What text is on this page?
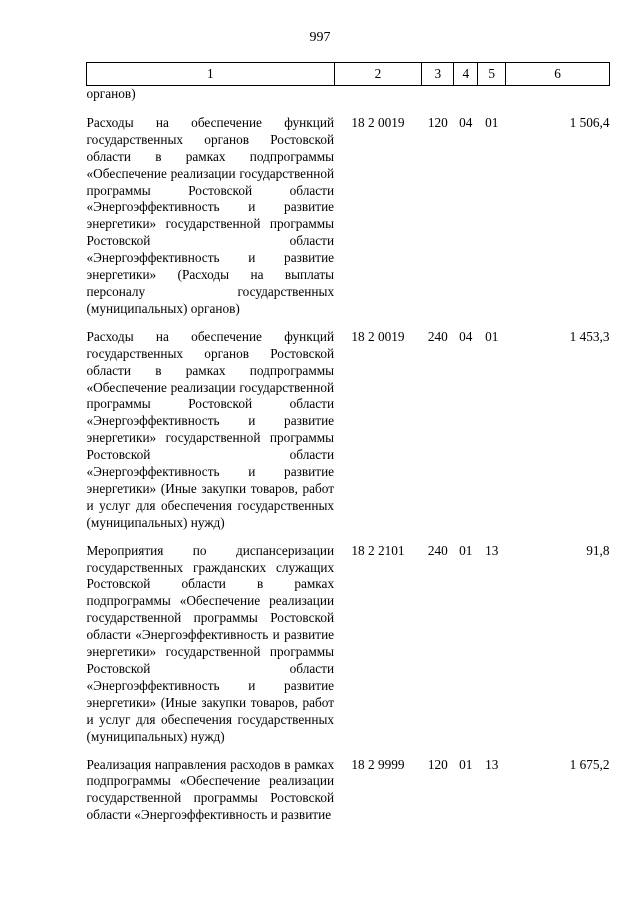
997
1	2	3	4	5	6
органов)					
Расходы на обеспечение функций государственных органов Ростовской области в рамках подпрограммы «Обеспечение реализации государственной программы Ростовской области «Энергоэффективность и развитие энергетики» государственной программы Ростовской области «Энергоэффективность и развитие энергетики» (Расходы на выплаты персоналу государственных (муниципальных) органов)	18 2 0019	120	04	01	1 506,4
Расходы на обеспечение функций государственных органов Ростовской области в рамках подпрограммы «Обеспечение реализации государственной программы Ростовской области «Энергоэффективность и развитие энергетики» государственной программы Ростовской области «Энергоэффективность и развитие энергетики» (Иные закупки товаров, работ и услуг для обеспечения государственных (муниципальных) нужд)	18 2 0019	240	04	01	1 453,3
Мероприятия по диспансеризации государственных гражданских служащих Ростовской области в рамках подпрограммы «Обеспечение реализации государственной программы Ростовской области «Энергоэффективность и развитие энергетики» государственной программы Ростовской области «Энергоэффективность и развитие энергетики» (Иные закупки товаров, работ и услуг для обеспечения государственных (муниципальных) нужд)	18 2 2101	240	01	13	91,8
Реализация направления расходов в рамках подпрограммы «Обеспечение реализации государственной программы Ростовской области «Энергоэффективность и развитие	18 2 9999	120	01	13	1 675,2
